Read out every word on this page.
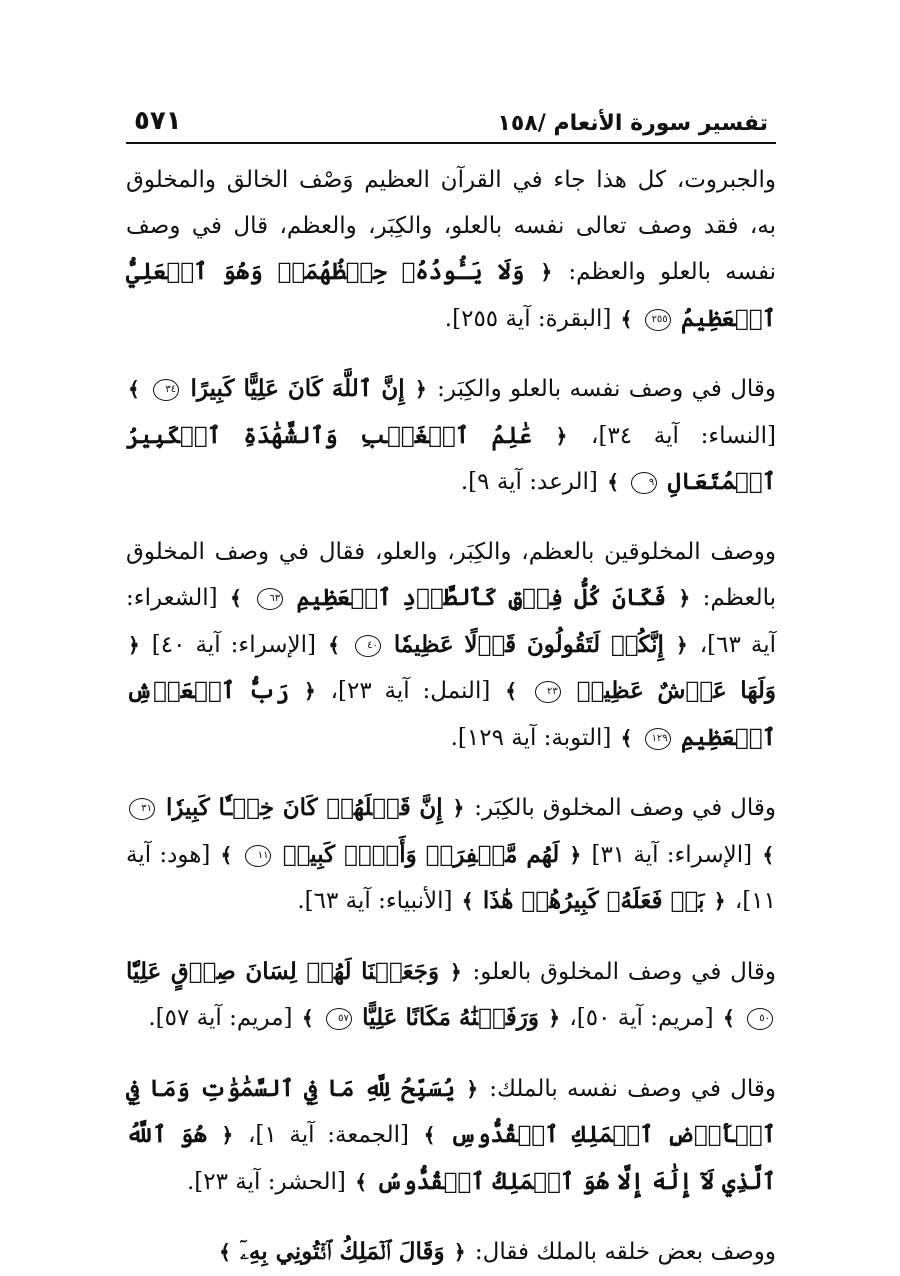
تفسير سورة الأنعام /١٥٨
٥٧١

والجبروت، كل هذا جاء في القرآن العظيم وَصْف الخالق والمخلوق به، فقد وصف تعالى نفسه بالعلو، والكِبَر، والعظم، قال في وصف نفسه بالعلو والعظم: ﴿ وَلَا يَـُٔودُهُۥ حِفۡظُهُمَاۚ وَهُوَ ٱلۡعَلِيُّ ٱلۡعَظِيمُ ٢٥٥ ﴾ [البقرة: آية ٢٥٥].

وقال في وصف نفسه بالعلو والكِبَر: ﴿ إِنَّ ٱللَّهَ كَانَ عَلِيًّا كَبِيرًا ٣٤ ﴾ [النساء: آية ٣٤]، ﴿ عَٰلِمُ ٱلۡغَيۡبِ وَٱلشَّهَٰدَةِ ٱلۡكَبِيرُ ٱلۡمُتَعَالِ ٩ ﴾ [الرعد: آية ٩].

ووصف المخلوقين بالعظم، والكِبَر، والعلو، فقال في وصف المخلوق بالعظم: ﴿ فَكَانَ كُلُّ فِرۡقٖ كَٱلطَّوۡدِ ٱلۡعَظِيمِ ٦٣ ﴾ [الشعراء: آية ٦٣]، ﴿ إِنَّكُمۡ لَتَقُولُونَ قَوۡلًا عَظِيمٗا ٤٠ ﴾ [الإسراء: آية ٤٠] ﴿ وَلَهَا عَرۡشٌ عَظِيمٞ ٢٣ ﴾ [النمل: آية ٢٣]، ﴿ رَبُّ ٱلۡعَرۡشِ ٱلۡعَظِيمِ ١٢٩ ﴾ [التوبة: آية ١٢٩].

وقال في وصف المخلوق بالكِبَر: ﴿ إِنَّ قَتۡلَهُمۡ كَانَ خِطۡـٔٗا كَبِيرٗا ٣١ ﴾ [الإسراء: آية ٣١] ﴿ لَهُم مَّغۡفِرَةٞ وَأَجۡرٞ كَبِيرٞ ١١ ﴾ [هود: آية ١١]، ﴿ بَلۡ فَعَلَهُۥ كَبِيرُهُمۡ هَٰذَا ﴾ [الأنبياء: آية ٦٣].

وقال في وصف المخلوق بالعلو: ﴿ وَجَعَلۡنَا لَهُمۡ لِسَانَ صِدۡقٍ عَلِيّٗا ٥٠ ﴾ [مريم: آية ٥٠]، ﴿ وَرَفَعۡنَٰهُ مَكَانًا عَلِيًّا ٥٧ ﴾ [مريم: آية ٥٧].

وقال في وصف نفسه بالملك: ﴿ يُسَبِّحُ لِلَّهِ مَا فِي ٱلسَّمَٰوَٰتِ وَمَا فِي ٱلۡأَرۡضِ ٱلۡمَلِكِ ٱلۡقُدُّوسِ ﴾ [الجمعة: آية ١]، ﴿ هُوَ ٱللَّهُ ٱلَّذِي لَآ إِلَٰهَ إِلَّا هُوَ ٱلۡمَلِكُ ٱلۡقُدُّوسُ ﴾ [الحشر: آية ٢٣].

ووصف بعض خلقه بالملك فقال: ﴿ وَقَالَ ٱلۡمَلِكُ ٱئۡتُونِي بِهِۦٓ ﴾
